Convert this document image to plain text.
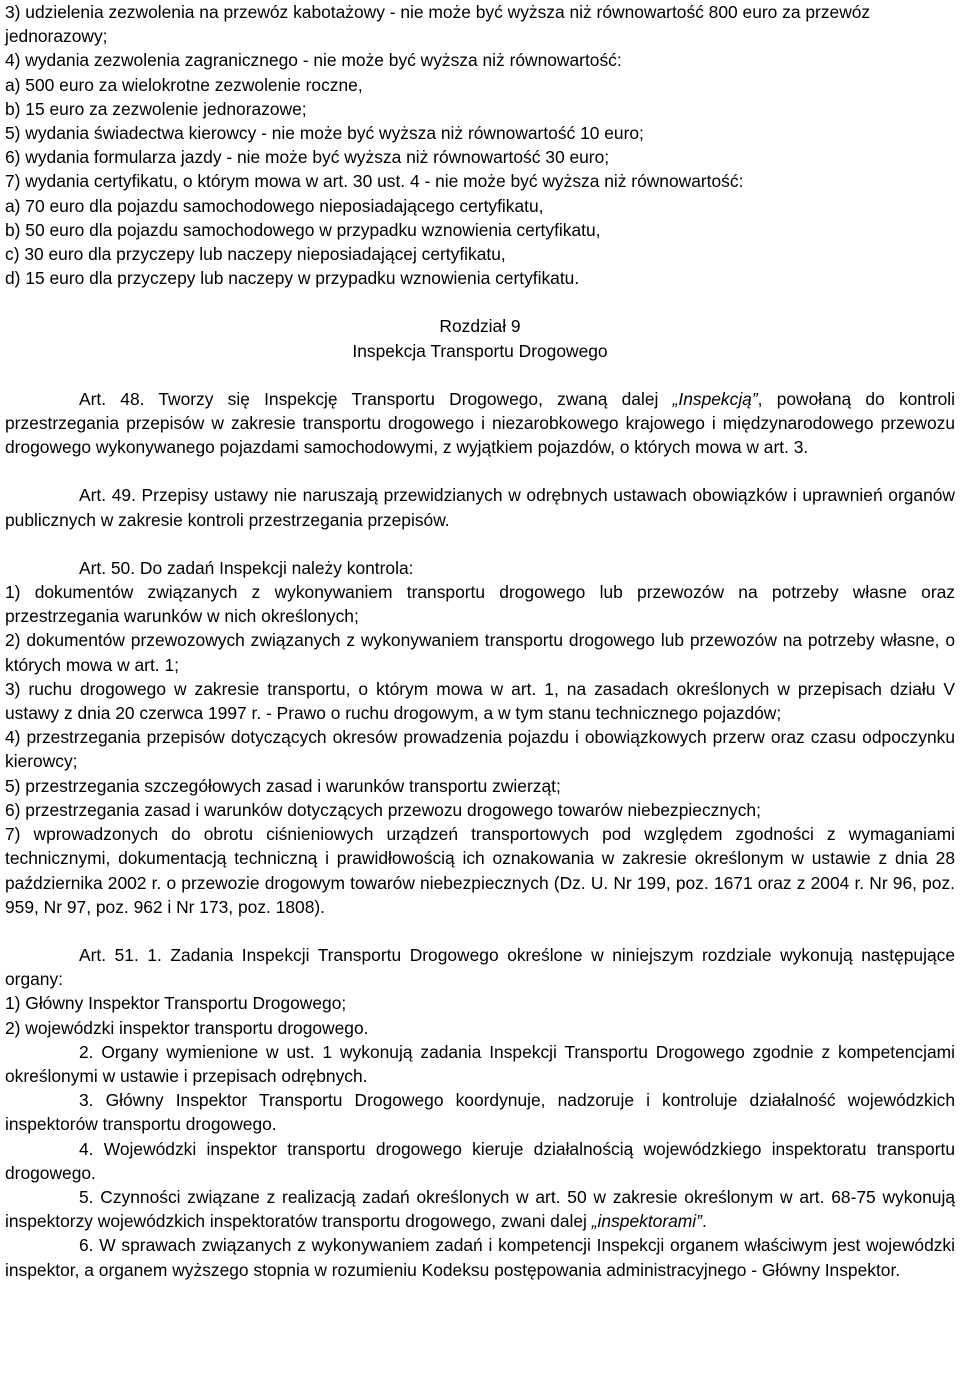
3) udzielenia zezwolenia na przewóz kabotażowy - nie może być wyższa niż równowartość 800 euro za przewóz jednorazowy;

4) wydania zezwolenia zagranicznego - nie może być wyższa niż równowartość:

a) 500 euro za wielokrotne zezwolenie roczne,

b) 15 euro za zezwolenie jednorazowe;

5) wydania świadectwa kierowcy - nie może być wyższa niż równowartość 10 euro;

6) wydania formularza jazdy - nie może być wyższa niż równowartość 30 euro;

7) wydania certyfikatu, o którym mowa w art. 30 ust. 4 - nie może być wyższa niż równowartość:

a) 70 euro dla pojazdu samochodowego nieposiadającego certyfikatu,

b) 50 euro dla pojazdu samochodowego w przypadku wznowienia certyfikatu,

c) 30 euro dla przyczepy lub naczepy nieposiadającej certyfikatu,

d) 15 euro dla przyczepy lub naczepy w przypadku wznowienia certyfikatu.

Rozdział 9

Inspekcja Transportu Drogowego

Art. 48. Tworzy się Inspekcję Transportu Drogowego, zwaną dalej „Inspekcją”, powołaną do kontroli przestrzegania przepisów w zakresie transportu drogowego i niezarobkowego krajowego i międzynarodowego przewozu drogowego wykonywanego pojazdami samochodowymi, z wyjątkiem pojazdów, o których mowa w art. 3.

Art. 49. Przepisy ustawy nie naruszają przewidzianych w odrębnych ustawach obowiązków i uprawnień organów publicznych w zakresie kontroli przestrzegania przepisów.

Art. 50. Do zadań Inspekcji należy kontrola:

1) dokumentów związanych z wykonywaniem transportu drogowego lub przewozów na potrzeby własne oraz przestrzegania warunków w nich określonych;

2) dokumentów przewozowych związanych z wykonywaniem transportu drogowego lub przewozów na potrzeby własne, o których mowa w art. 1;

3) ruchu drogowego w zakresie transportu, o którym mowa w art. 1, na zasadach określonych w przepisach działu V ustawy z dnia 20 czerwca 1997 r. - Prawo o ruchu drogowym, a w tym stanu technicznego pojazdów;

4) przestrzegania przepisów dotyczących okresów prowadzenia pojazdu i obowiązkowych przerw oraz czasu odpoczynku kierowcy;

5) przestrzegania szczegółowych zasad i warunków transportu zwierząt;

6) przestrzegania zasad i warunków dotyczących przewozu drogowego towarów niebezpiecznych;

7) wprowadzonych do obrotu ciśnieniowych urządzeń transportowych pod względem zgodności z wymaganiami technicznymi, dokumentacją techniczną i prawidłowością ich oznakowania w zakresie określonym w ustawie z dnia 28 października 2002 r. o przewozie drogowym towarów niebezpiecznych (Dz. U. Nr 199, poz. 1671 oraz z 2004 r. Nr 96, poz. 959, Nr 97, poz. 962 i Nr 173, poz. 1808).

Art. 51. 1. Zadania Inspekcji Transportu Drogowego określone w niniejszym rozdziale wykonują następujące organy:

1) Główny Inspektor Transportu Drogowego;

2) wojewódzki inspektor transportu drogowego.

2. Organy wymienione w ust. 1 wykonują zadania Inspekcji Transportu Drogowego zgodnie z kompetencjami określonymi w ustawie i przepisach odrębnych.

3. Główny Inspektor Transportu Drogowego koordynuje, nadzoruje i kontroluje działalność wojewódzkich inspektorów transportu drogowego.

4. Wojewódzki inspektor transportu drogowego kieruje działalnością wojewódzkiego inspektoratu transportu drogowego.

5. Czynności związane z realizacją zadań określonych w art. 50 w zakresie określonym w art. 68-75 wykonują inspektorzy wojewódzkich inspektoratów transportu drogowego, zwani dalej „inspektorami”.

6. W sprawach związanych z wykonywaniem zadań i kompetencji Inspekcji organem właściwym jest wojewódzki inspektor, a organem wyższego stopnia w rozumieniu Kodeksu postępowania administracyjnego - Główny Inspektor.
